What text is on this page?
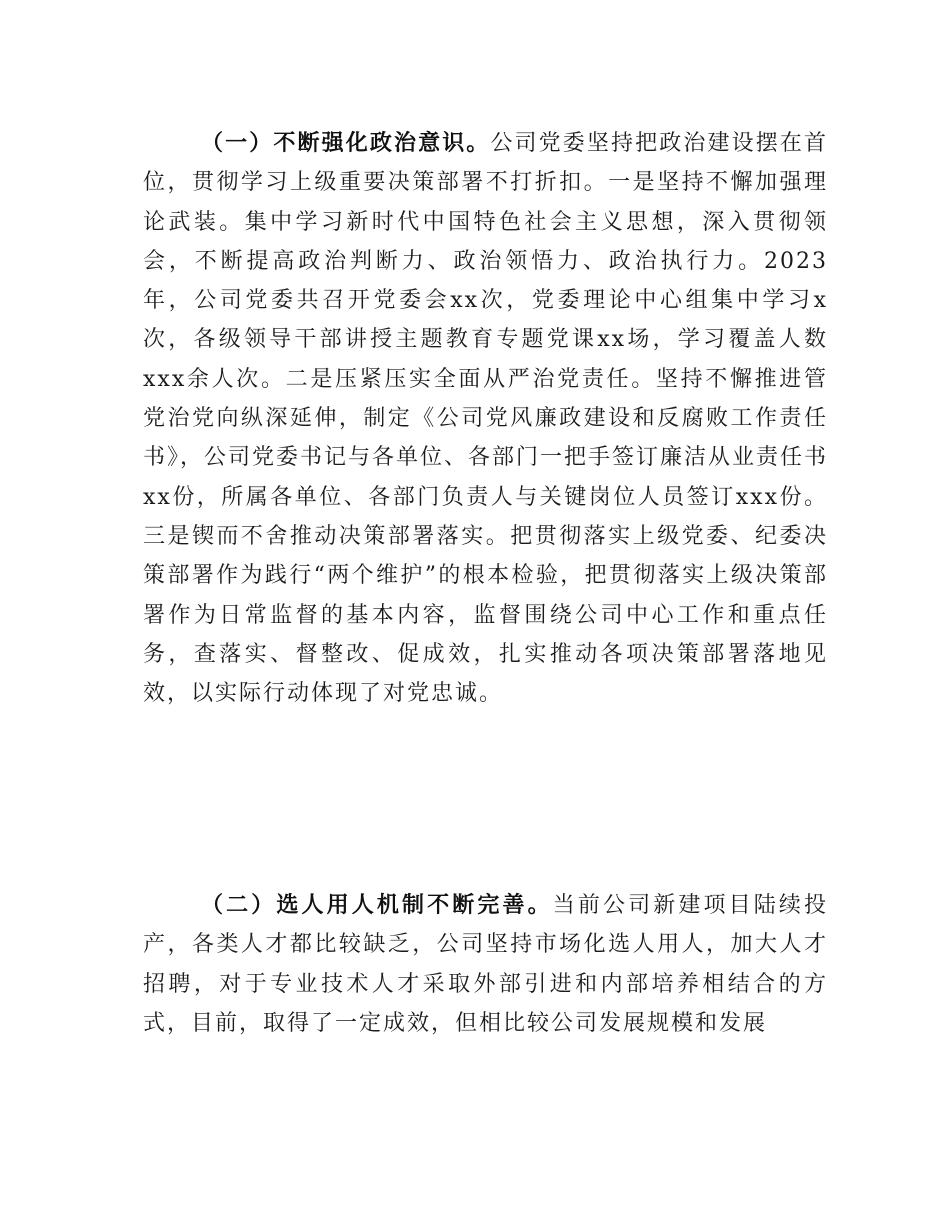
（一）不断强化政治意识。公司党委坚持把政治建设摆在首位，贯彻学习上级重要决策部署不打折扣。一是坚持不懈加强理论武装。集中学习新时代中国特色社会主义思想，深入贯彻领会，不断提高政治判断力、政治领悟力、政治执行力。2023年，公司党委共召开党委会xx次，党委理论中心组集中学习x次，各级领导干部讲授主题教育专题党课xx场，学习覆盖人数xxx余人次。二是压紧压实全面从严治党责任。坚持不懈推进管党治党向纵深延伸，制定《公司党风廉政建设和反腐败工作责任书》，公司党委书记与各单位、各部门一把手签订廉洁从业责任书xx份，所属各单位、各部门负责人与关键岗位人员签订xxx份。三是锲而不舍推动决策部署落实。把贯彻落实上级党委、纪委决策部署作为践行“两个维护”的根本检验，把贯彻落实上级决策部署作为日常监督的基本内容，监督围绕公司中心工作和重点任务，查落实、督整改、促成效，扎实推动各项决策部署落地见效，以实际行动体现了对党忠诚。

（二）选人用人机制不断完善。当前公司新建项目陆续投产，各类人才都比较缺乏，公司坚持市场化选人用人，加大人才招聘，对于专业技术人才采取外部引进和内部培养相结合的方式，目前，取得了一定成效，但相比较公司发展规模和发展
